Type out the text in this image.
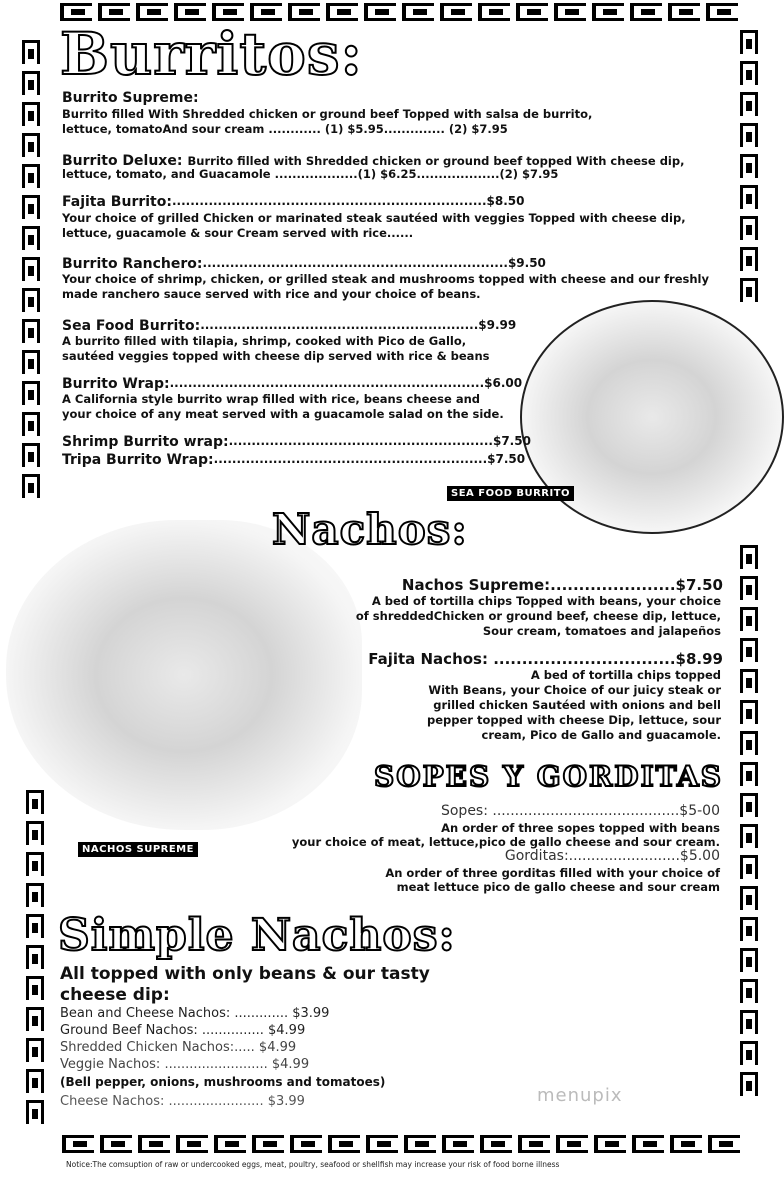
SEA FOOD BURRITO
NACHOS SUPREME
Burritos:
Burrito Supreme:
Burrito filled With Shredded chicken or ground beef Topped with salsa de burrito,
lettuce, tomatoAnd sour cream ............ (1) $5.95.............. (2) $7.95
Burrito Deluxe: Burrito filled with Shredded chicken or ground beef topped With cheese dip,
lettuce, tomato, and Guacamole ...................(1) $6.25...................(2) $7.95
Fajita Burrito: ..................................................................... $8.50
Your choice of grilled Chicken or marinated steak sautéed with veggies Topped with cheese dip,
lettuce, guacamole & sour Cream served with rice......
Burrito Ranchero: ................................................................... $9.50
Your choice of shrimp, chicken, or grilled steak and mushrooms topped with cheese and our freshly
made ranchero sauce served with rice and your choice of beans.
Sea Food Burrito: ............................................................. $9.99
A burrito filled with tilapia, shrimp, cooked with Pico de Gallo,
sautéed veggies topped with cheese dip served with rice & beans
Burrito Wrap: ..................................................................... $6.00
A California style burrito wrap filled with rice, beans cheese and
your choice of any meat served with a guacamole salad on the side.
Shrimp Burrito wrap: .......................................................... $7.50
Tripa Burrito Wrap: ............................................................ $7.50
Nachos:
Nachos Supreme:......................$7.50
A bed of tortilla chips Topped with beans, your choice
of shreddedChicken or ground beef, cheese dip, lettuce,
Sour cream, tomatoes and jalapeños
Fajita Nachos: ................................$8.99
A bed of tortilla chips topped
With Beans, your Choice of our juicy steak or
grilled chicken Sautéed with onions and bell
pepper topped with cheese Dip, lettuce, sour
cream, Pico de Gallo and guacamole.
SOPES Y GORDITAS
Sopes: ..........................................$5-00
An order of three sopes topped with beans
your choice of meat, lettuce,pico de gallo cheese and sour cream.
Gorditas:.........................$5.00
An order of three gorditas filled with your choice of
meat lettuce pico de gallo cheese and sour cream
Simple Nachos:
All topped with only beans & our tasty
cheese dip:
Bean and Cheese Nachos: ............. $3.99
Ground Beef Nachos: ............... $4.99
Shredded Chicken Nachos:..... $4.99
Veggie Nachos: ......................... $4.99
(Bell pepper, onions, mushrooms and tomatoes)
Cheese Nachos: ....................... $3.99	menupix
Notice:The comsuption of raw or undercooked eggs, meat, poultry, seafood or shellfish may increase your risk of food borne illness
